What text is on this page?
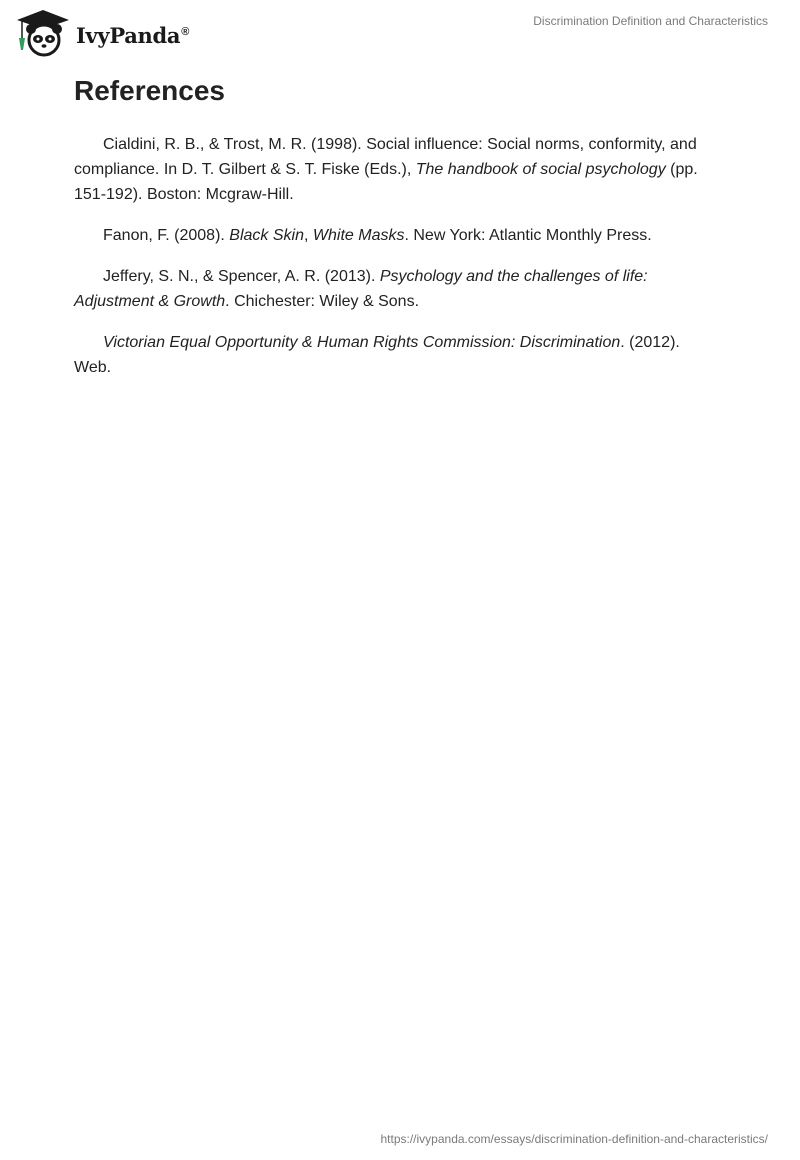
IvyPanda®
Discrimination Definition and Characteristics
References

Cialdini, R. B., & Trost, M. R. (1998). Social influence: Social norms, conformity, and compliance. In D. T. Gilbert & S. T. Fiske (Eds.), The handbook of social psychology (pp. 151-192). Boston: Mcgraw-Hill.

Fanon, F. (2008). Black Skin, White Masks. New York: Atlantic Monthly Press.

Jeffery, S. N., & Spencer, A. R. (2013). Psychology and the challenges of life: Adjustment & Growth. Chichester: Wiley & Sons.

Victorian Equal Opportunity & Human Rights Commission: Discrimination. (2012). Web.

https://ivypanda.com/essays/discrimination-definition-and-characteristics/
